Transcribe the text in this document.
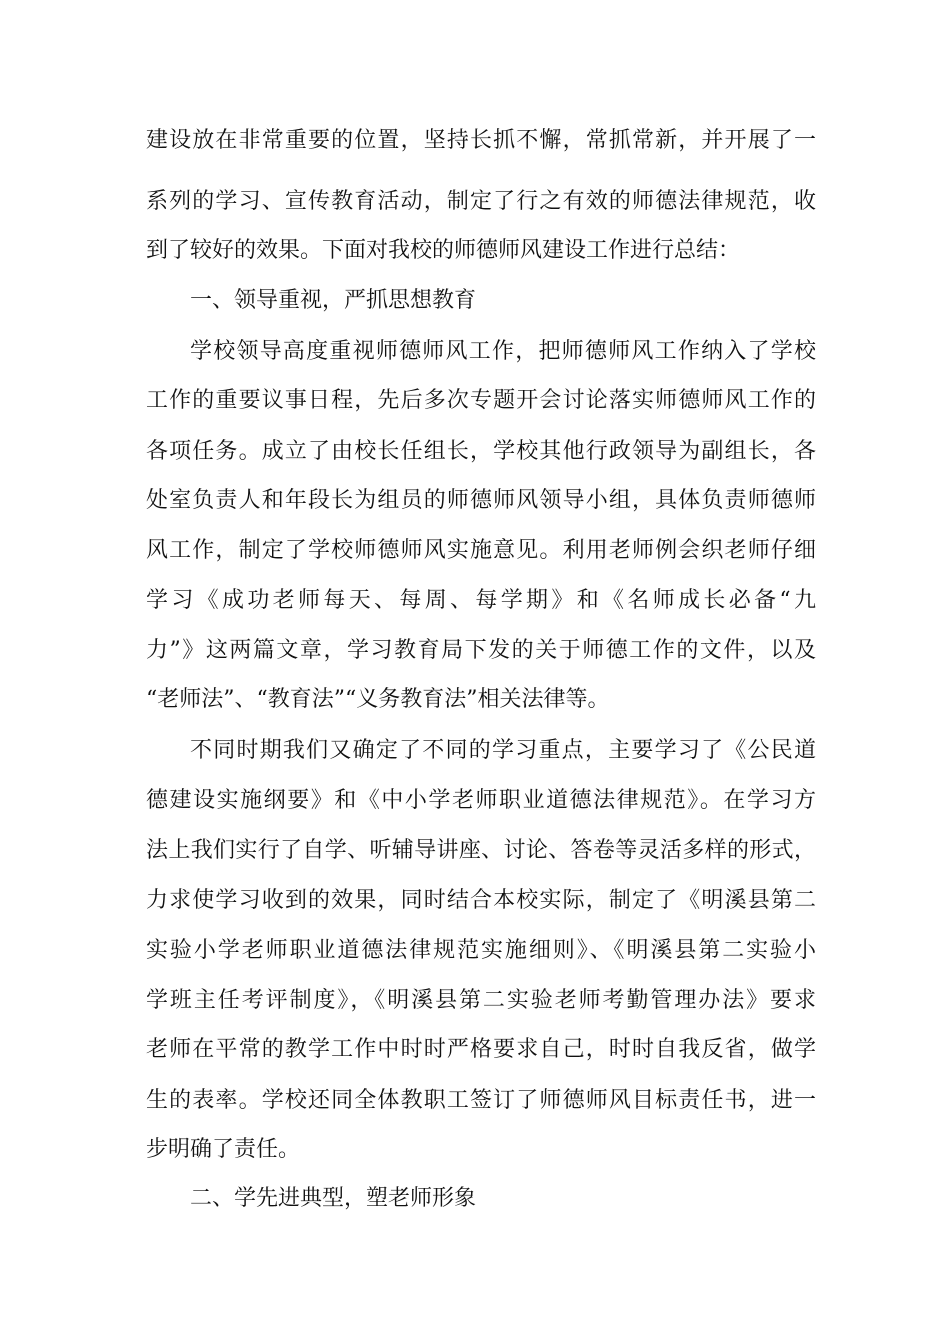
建设放在非常重要的位置，坚持长抓不懈，常抓常新，并开展了一
系列的学习、宣传教育活动，制定了行之有效的师德法律规范，收
到了较好的效果。下面对我校的师德师风建设工作进行总结：
一、领导重视，严抓思想教育
学校领导高度重视师德师风工作，把师德师风工作纳入了学校
工作的重要议事日程，先后多次专题开会讨论落实师德师风工作的
各项任务。成立了由校长任组长，学校其他行政领导为副组长，各
处室负责人和年段长为组员的师德师风领导小组，具体负责师德师
风工作，制定了学校师德师风实施意见。利用老师例会织老师仔细
学习《成功老师每天、每周、每学期》和《名师成长必备“九
力”》这两篇文章，学习教育局下发的关于师德工作的文件，以及
“老师法”、“教育法”“义务教育法”相关法律等。
不同时期我们又确定了不同的学习重点，主要学习了《公民道
德建设实施纲要》和《中小学老师职业道德法律规范》。在学习方
法上我们实行了自学、听辅导讲座、讨论、答卷等灵活多样的形式，
力求使学习收到的效果，同时结合本校实际，制定了《明溪县第二
实验小学老师职业道德法律规范实施细则》、《明溪县第二实验小
学班主任考评制度》，《明溪县第二实验老师考勤管理办法》要求
老师在平常的教学工作中时时严格要求自己，时时自我反省，做学
生的表率。学校还同全体教职工签订了师德师风目标责任书，进一
步明确了责任。
二、学先进典型，塑老师形象
